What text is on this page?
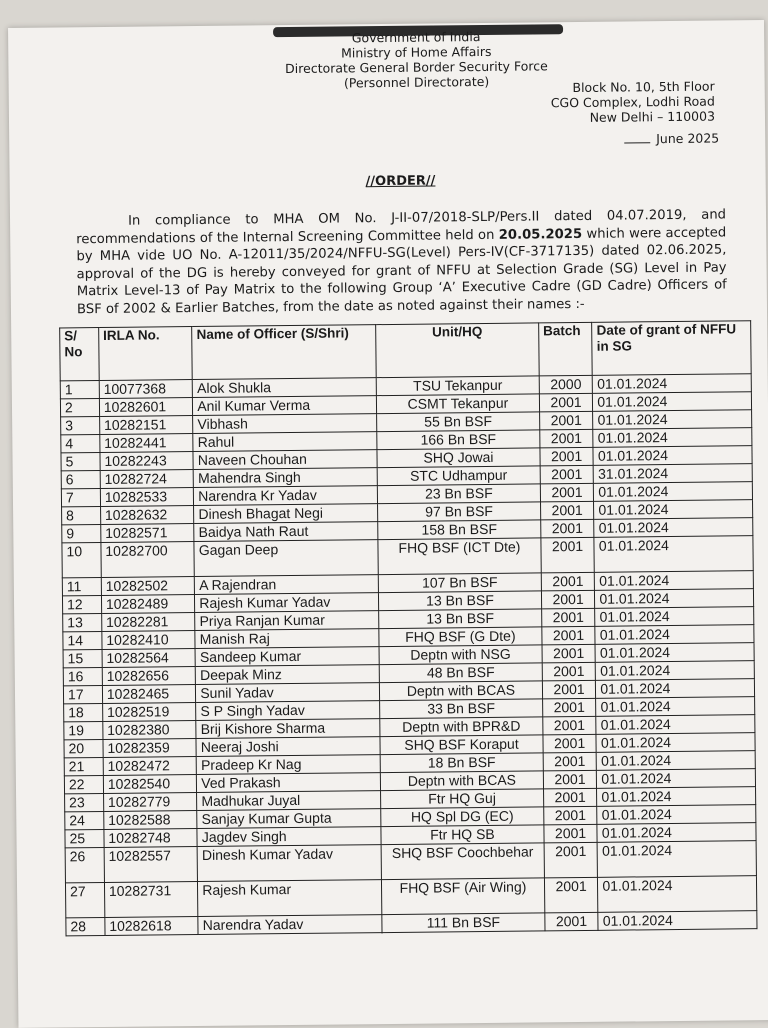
Government of India
Ministry of Home Affairs
Directorate General Border Security Force
(Personnel Directorate)	Block No. 10, 5th Floor
CGO Complex, Lodhi Road
New Delhi – 110003
June 2025
//ORDER//
In compliance to MHA OM No. J-II-07/2018-SLP/Pers.II dated 04.07.2019, and recommendations of the Internal Screening Committee held on 20.05.2025 which were accepted by MHA vide UO No. A-12011/35/2024/NFFU-SG(Level) Pers-IV(CF-3717135) dated 02.06.2025, approval of the DG is hereby conveyed for grant of NFFU at Selection Grade (SG) Level in Pay Matrix Level-13 of Pay Matrix to the following Group ‘A’ Executive Cadre (GD Cadre) Officers of BSF of 2002 & Earlier Batches, from the date as noted against their names :-
S/ No	IRLA No.	Name of Officer (S/Shri)	Unit/HQ	Batch	Date of grant of NFFU in SG
1	10077368	Alok Shukla	TSU Tekanpur	2000	01.01.2024
2	10282601	Anil Kumar Verma	CSMT Tekanpur	2001	01.01.2024
3	10282151	Vibhash	55 Bn BSF	2001	01.01.2024
4	10282441	Rahul	166 Bn BSF	2001	01.01.2024
5	10282243	Naveen Chouhan	SHQ Jowai	2001	01.01.2024
6	10282724	Mahendra Singh	STC Udhampur	2001	31.01.2024
7	10282533	Narendra Kr Yadav	23 Bn BSF	2001	01.01.2024
8	10282632	Dinesh Bhagat Negi	97 Bn BSF	2001	01.01.2024
9	10282571	Baidya Nath Raut	158 Bn BSF	2001	01.01.2024
10	10282700	Gagan Deep	FHQ BSF (ICT Dte)	2001	01.01.2024
11	10282502	A Rajendran	107 Bn BSF	2001	01.01.2024
12	10282489	Rajesh Kumar Yadav	13 Bn BSF	2001	01.01.2024
13	10282281	Priya Ranjan Kumar	13 Bn BSF	2001	01.01.2024
14	10282410	Manish Raj	FHQ BSF (G Dte)	2001	01.01.2024
15	10282564	Sandeep Kumar	Deptn with NSG	2001	01.01.2024
16	10282656	Deepak Minz	48 Bn BSF	2001	01.01.2024
17	10282465	Sunil Yadav	Deptn with BCAS	2001	01.01.2024
18	10282519	S P Singh Yadav	33 Bn BSF	2001	01.01.2024
19	10282380	Brij Kishore Sharma	Deptn with BPR&D	2001	01.01.2024
20	10282359	Neeraj Joshi	SHQ BSF Koraput	2001	01.01.2024
21	10282472	Pradeep Kr Nag	18 Bn BSF	2001	01.01.2024
22	10282540	Ved Prakash	Deptn with BCAS	2001	01.01.2024
23	10282779	Madhukar Juyal	Ftr HQ Guj	2001	01.01.2024
24	10282588	Sanjay Kumar Gupta	HQ Spl DG (EC)	2001	01.01.2024
25	10282748	Jagdev Singh	Ftr HQ SB	2001	01.01.2024
26	10282557	Dinesh Kumar Yadav	SHQ BSF Coochbehar	2001	01.01.2024
27	10282731	Rajesh Kumar	FHQ BSF (Air Wing)	2001	01.01.2024
28	10282618	Narendra Yadav	111 Bn BSF	2001	01.01.2024
